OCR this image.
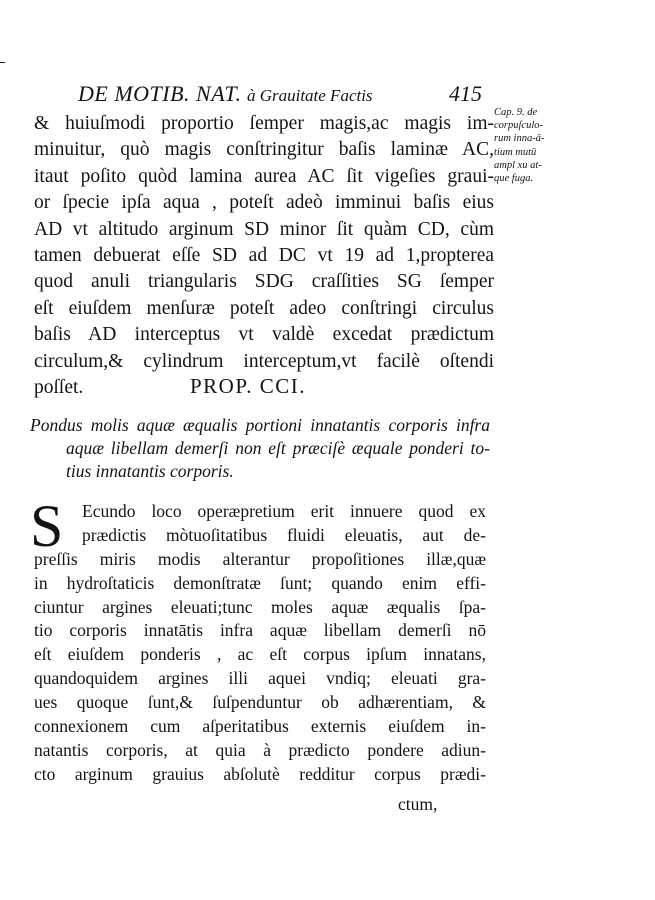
DE MOTIB. NAT. à Grauitate Factis	415
Cap. 9. de
corpuſculo-
rum inna-ā-
tium mutū
ampl xu at-
que fuga.
& huiuſmodi proportio ſemper magis,ac magis im-
minuitur, quò magis conſtringitur baſis laminæ AC,
itaut poſito quòd lamina aurea AC ſit vigeſies graui-
or ſpecie ipſa aqua , poteſt adeò imminui baſis eius
AD vt altitudo arginum SD minor ſit quàm CD, cùm
tamen debuerat eſſe SD ad DC vt 19 ad 1,propterea
quod anuli triangularis SDG craſſities SG ſemper
eſt eiuſdem menſuræ poteſt adeo conſtringi circulus
baſis AD interceptus vt valdè excedat prædictum
circulum,& cylindrum interceptum,vt facilè oſtendi
poſſet.	PROP. CCI.
Pondus molis aquæ æqualis portioni innatantis corporis infra
aquæ libellam demerſi non eſt præciſè æquale ponderi to-
tius innatantis corporis.
S	Ecundo loco operæpretium erit innuere quod ex
prædictis mòtuoſitatibus fluidi eleuatis, aut de-
preſſis miris modis alterantur propoſitiones illæ,quæ
in hydroſtaticis demonſtratæ ſunt; quando enim effi-
ciuntur argines eleuati;tunc moles aquæ æqualis ſpa-
tio corporis innatātis infra aquæ libellam demerſi nō
eſt eiuſdem ponderis , ac eſt corpus ipſum innatans,
quandoquidem argines illi aquei vndiq; eleuati gra-
ues quoque ſunt,& ſuſpenduntur ob adhærentiam, &
connexionem cum aſperitatibus externis eiuſdem in-
natantis corporis, at quia à prædicto pondere adiun-
cto arginum grauius abſolutè redditur corpus prædi-
ctum,
